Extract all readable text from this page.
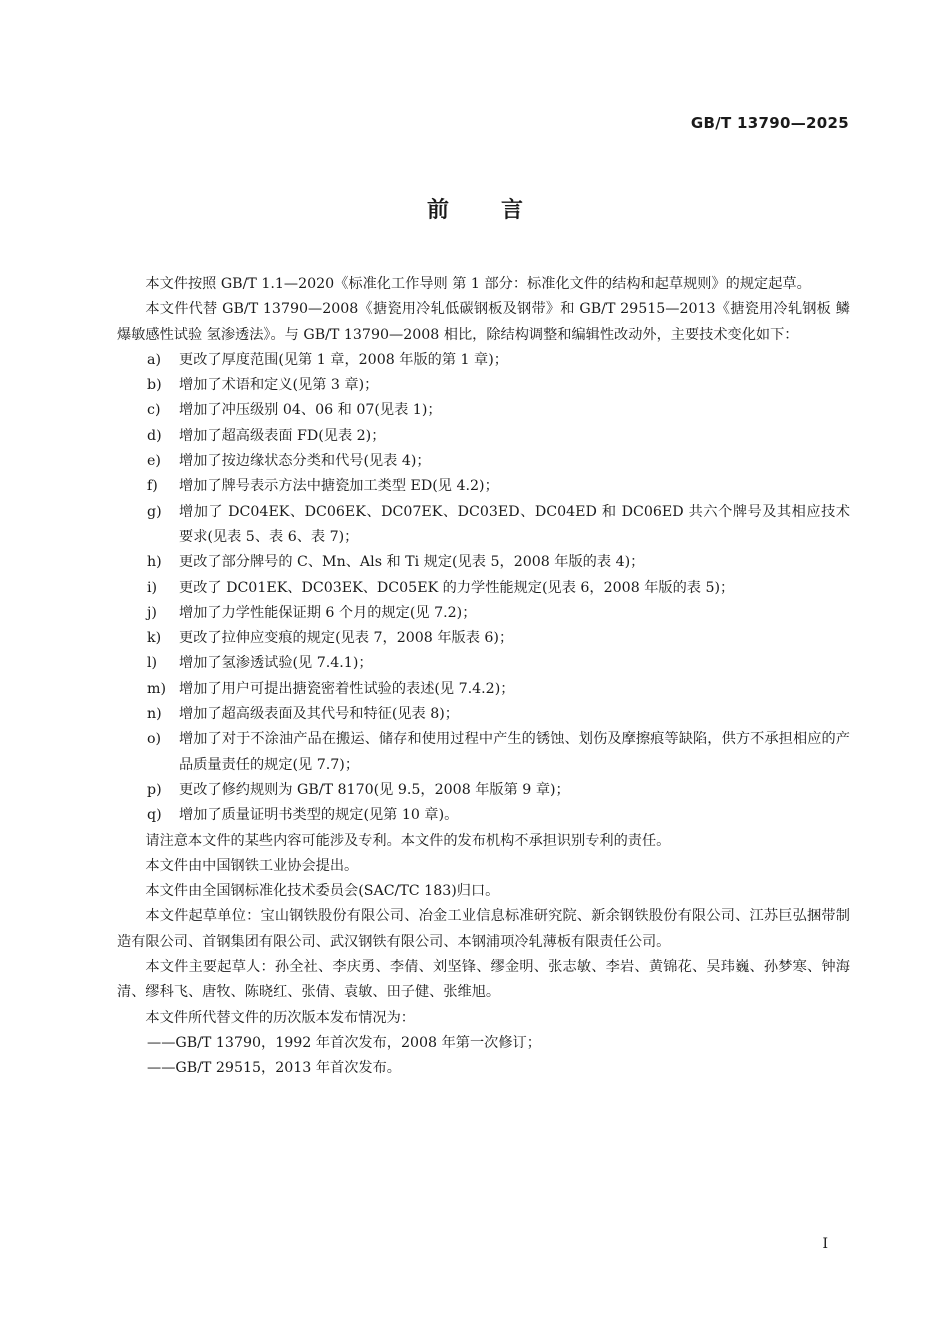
GB/T 13790—2025
前言

本文件按照 GB/T 1.1—2020《标准化工作导则 第 1 部分：标准化文件的结构和起草规则》的规定起草。

本文件代替 GB/T 13790—2008《搪瓷用冷轧低碳钢板及钢带》和 GB/T 29515—2013《搪瓷用冷轧钢板 鳞爆敏感性试验 氢渗透法》。与 GB/T 13790—2008 相比，除结构调整和编辑性改动外，主要技术变化如下：

a)	更改了厚度范围(见第 1 章，2008 年版的第 1 章)；
b)	增加了术语和定义(见第 3 章)；
c)	增加了冲压级别 04、06 和 07(见表 1)；
d)	增加了超高级表面 FD(见表 2)；
e)	增加了按边缘状态分类和代号(见表 4)；
f)	增加了牌号表示方法中搪瓷加工类型 ED(见 4.2)；
g)	增加了 DC04EK、DC06EK、DC07EK、DC03ED、DC04ED 和 DC06ED 共六个牌号及其相应技术要求(见表 5、表 6、表 7)；
h)	更改了部分牌号的 C、Mn、Als 和 Ti 规定(见表 5，2008 年版的表 4)；
i)	更改了 DC01EK、DC03EK、DC05EK 的力学性能规定(见表 6，2008 年版的表 5)；
j)	增加了力学性能保证期 6 个月的规定(见 7.2)；
k)	更改了拉伸应变痕的规定(见表 7，2008 年版表 6)；
l)	增加了氢渗透试验(见 7.4.1)；
m) 增加了用户可提出搪瓷密着性试验的表述(见 7.4.2)；
n)	增加了超高级表面及其代号和特征(见表 8)；
o)	增加了对于不涂油产品在搬运、储存和使用过程中产生的锈蚀、划伤及摩擦痕等缺陷，供方不承担相应的产品质量责任的规定(见 7.7)；
p)	更改了修约规则为 GB/T 8170(见 9.5，2008 年版第 9 章)；
q)	增加了质量证明书类型的规定(见第 10 章)。

请注意本文件的某些内容可能涉及专利。本文件的发布机构不承担识别专利的责任。

本文件由中国钢铁工业协会提出。

本文件由全国钢标准化技术委员会(SAC/TC 183)归口。

本文件起草单位：宝山钢铁股份有限公司、冶金工业信息标准研究院、新余钢铁股份有限公司、江苏巨弘捆带制造有限公司、首钢集团有限公司、武汉钢铁有限公司、本钢浦项冷轧薄板有限责任公司。

本文件主要起草人：孙全社、李庆勇、李倩、刘坚锋、缪金明、张志敏、李岩、黄锦花、吴玮巍、孙梦寒、钟海清、缪科飞、唐牧、陈晓红、张倩、袁敏、田子健、张维旭。

本文件所代替文件的历次版本发布情况为：

——GB/T 13790，1992 年首次发布，2008 年第一次修订；

——GB/T 29515，2013 年首次发布。

I
